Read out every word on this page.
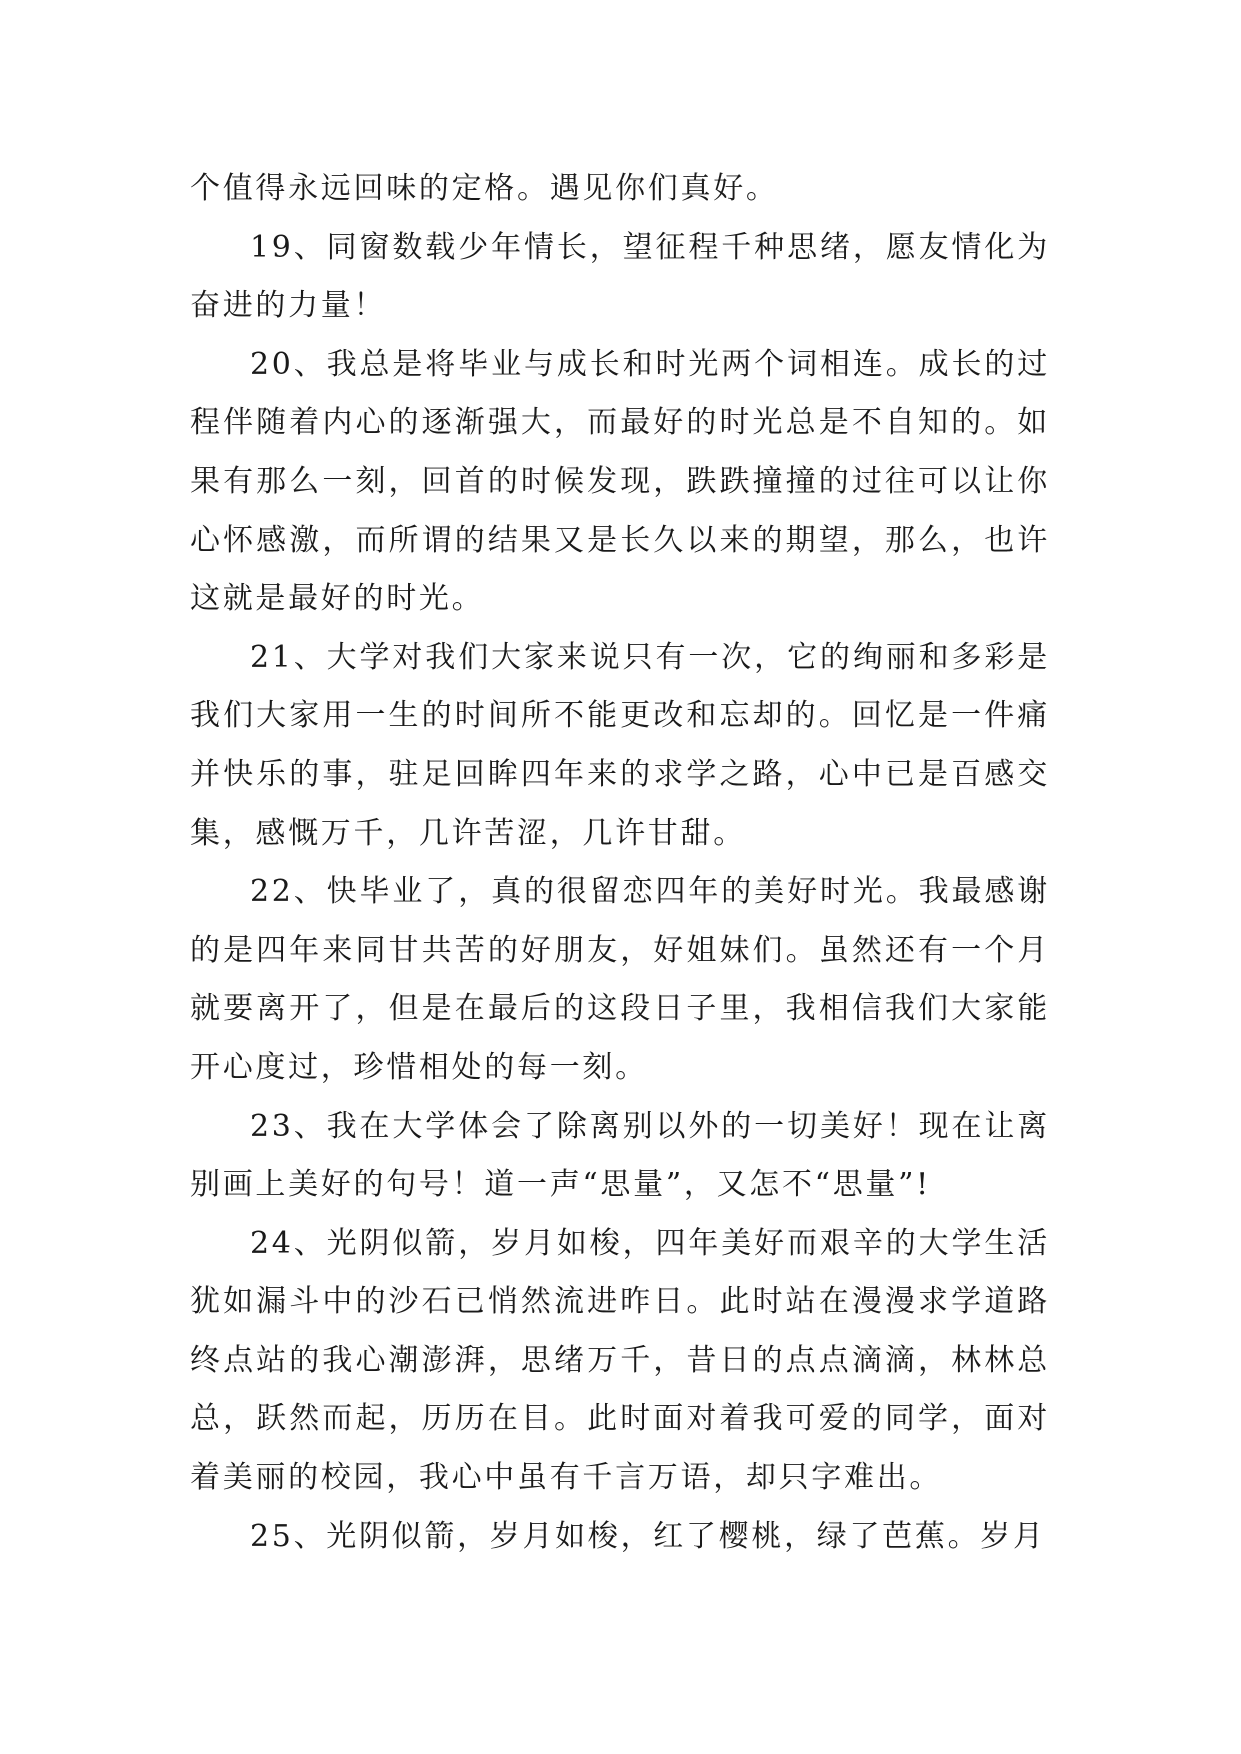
个值得永远回味的定格。遇见你们真好。

19、同窗数载少年情长，望征程千种思绪，愿友情化为奋进的力量！

20、我总是将毕业与成长和时光两个词相连。成长的过程伴随着内心的逐渐强大，而最好的时光总是不自知的。如果有那么一刻，回首的时候发现，跌跌撞撞的过往可以让你心怀感激，而所谓的结果又是长久以来的期望，那么，也许这就是最好的时光。

21、大学对我们大家来说只有一次，它的绚丽和多彩是我们大家用一生的时间所不能更改和忘却的。回忆是一件痛并快乐的事，驻足回眸四年来的求学之路，心中已是百感交集，感慨万千，几许苦涩，几许甘甜。

22、快毕业了，真的很留恋四年的美好时光。我最感谢的是四年来同甘共苦的好朋友，好姐妹们。虽然还有一个月就要离开了，但是在最后的这段日子里，我相信我们大家能开心度过，珍惜相处的每一刻。

23、我在大学体会了除离别以外的一切美好！现在让离别画上美好的句号！道一声“思量”，又怎不“思量”!

24、光阴似箭，岁月如梭，四年美好而艰辛的大学生活犹如漏斗中的沙石已悄然流进昨日。此时站在漫漫求学道路终点站的我心潮澎湃，思绪万千，昔日的点点滴滴，林林总总，跃然而起，历历在目。此时面对着我可爱的同学，面对着美丽的校园，我心中虽有千言万语，却只字难出。

25、光阴似箭，岁月如梭，红了樱桃，绿了芭蕉。岁月
